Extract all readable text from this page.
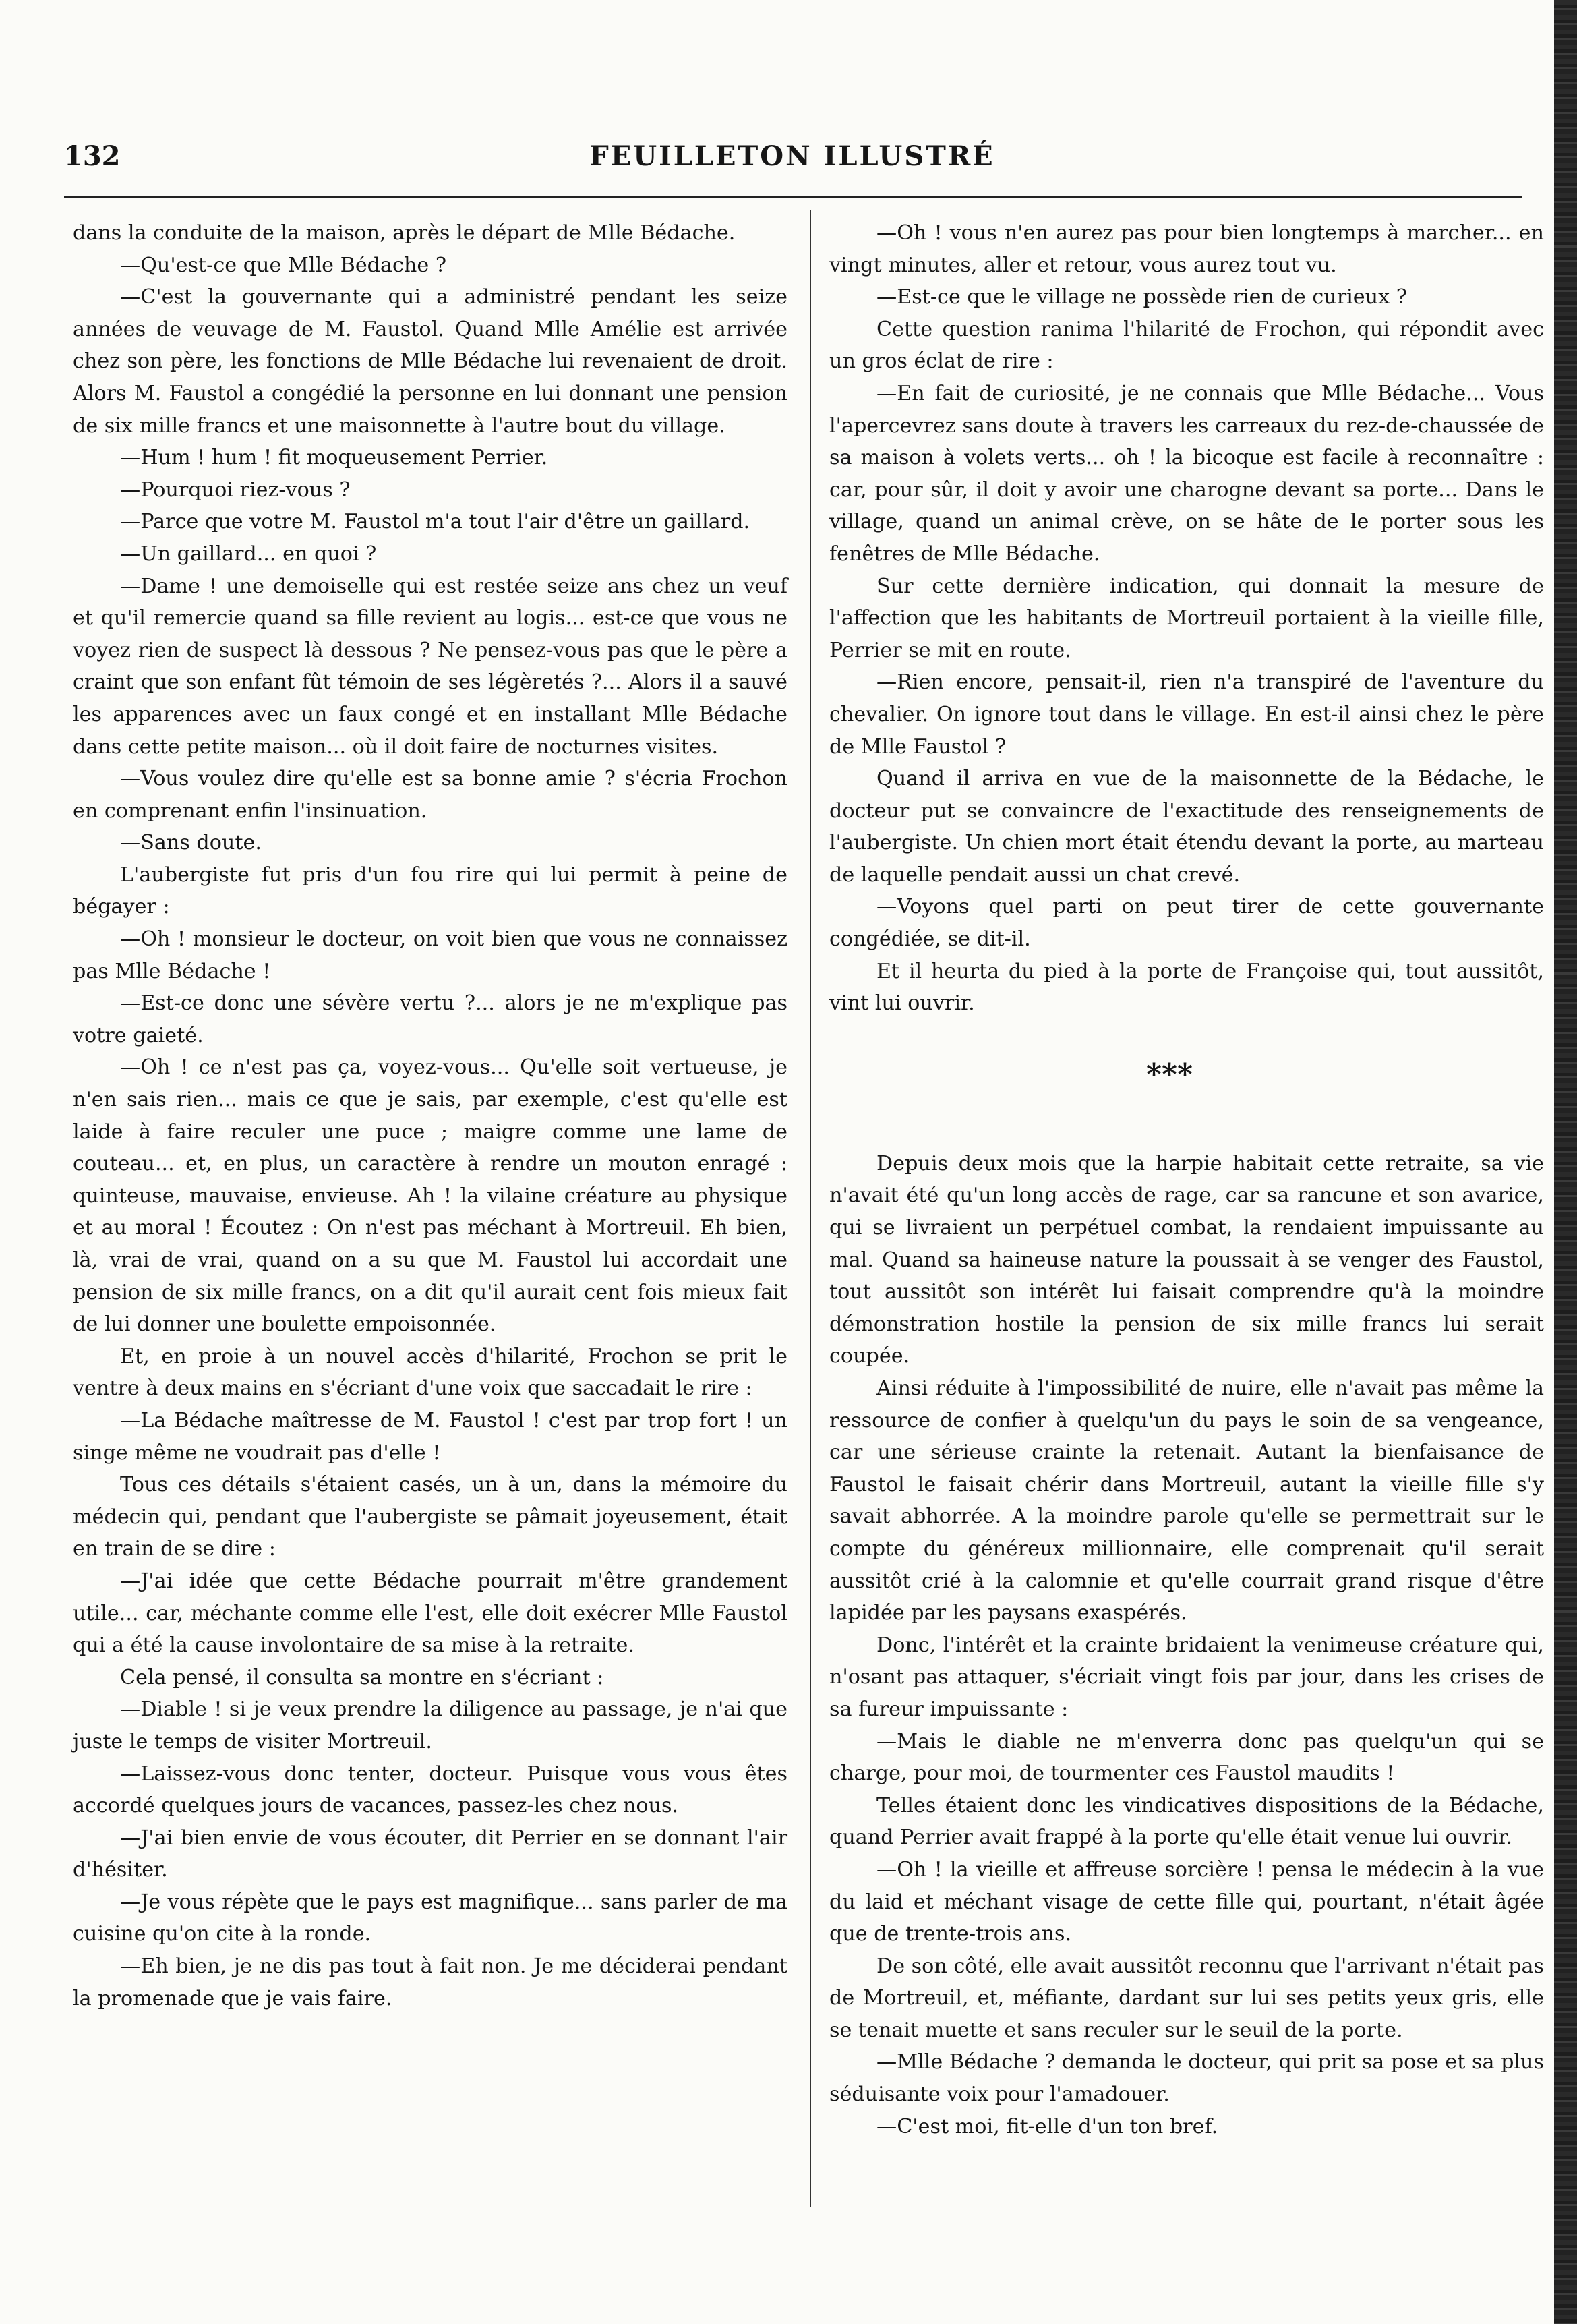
132	FEUILLETON ILLUSTRÉ

dans la conduite de la maison, après le départ de Mlle Bédache.

—Qu'est-ce que Mlle Bédache ?

—C'est la gouvernante qui a administré pendant les seize années de veuvage de M. Faustol. Quand Mlle Amélie est arrivée chez son père, les fonctions de Mlle Bédache lui revenaient de droit. Alors M. Faustol a congédié la personne en lui donnant une pension de six mille francs et une maisonnette à l'autre bout du village.

—Hum ! hum ! fit moqueusement Perrier.

—Pourquoi riez-vous ?

—Parce que votre M. Faustol m'a tout l'air d'être un gaillard.

—Un gaillard... en quoi ?

—Dame ! une demoiselle qui est restée seize ans chez un veuf et qu'il remercie quand sa fille revient au logis... est-ce que vous ne voyez rien de suspect là dessous ? Ne pensez-vous pas que le père a craint que son enfant fût témoin de ses légèretés ?... Alors il a sauvé les apparences avec un faux congé et en installant Mlle Bédache dans cette petite maison... où il doit faire de nocturnes visites.

—Vous voulez dire qu'elle est sa bonne amie ? s'écria Frochon en comprenant enfin l'insinuation.

—Sans doute.

L'aubergiste fut pris d'un fou rire qui lui permit à peine de bégayer :

—Oh ! monsieur le docteur, on voit bien que vous ne connaissez pas Mlle Bédache !

—Est-ce donc une sévère vertu ?... alors je ne m'explique pas votre gaieté.

—Oh ! ce n'est pas ça, voyez-vous... Qu'elle soit vertueuse, je n'en sais rien... mais ce que je sais, par exemple, c'est qu'elle est laide à faire reculer une puce ; maigre comme une lame de couteau... et, en plus, un caractère à rendre un mouton enragé : quinteuse, mauvaise, envieuse. Ah ! la vilaine créature au physique et au moral ! Écoutez : On n'est pas méchant à Mortreuil. Eh bien, là, vrai de vrai, quand on a su que M. Faustol lui accordait une pension de six mille francs, on a dit qu'il aurait cent fois mieux fait de lui donner une boulette empoisonnée.

Et, en proie à un nouvel accès d'hilarité, Frochon se prit le ventre à deux mains en s'écriant d'une voix que saccadait le rire :

—La Bédache maîtresse de M. Faustol ! c'est par trop fort ! un singe même ne voudrait pas d'elle !

Tous ces détails s'étaient casés, un à un, dans la mémoire du médecin qui, pendant que l'aubergiste se pâmait joyeusement, était en train de se dire :

—J'ai idée que cette Bédache pourrait m'être grandement utile... car, méchante comme elle l'est, elle doit exécrer Mlle Faustol qui a été la cause involontaire de sa mise à la retraite.

Cela pensé, il consulta sa montre en s'écriant :

—Diable ! si je veux prendre la diligence au passage, je n'ai que juste le temps de visiter Mortreuil.

—Laissez-vous donc tenter, docteur. Puisque vous vous êtes accordé quelques jours de vacances, passez-les chez nous.

—J'ai bien envie de vous écouter, dit Perrier en se donnant l'air d'hésiter.

—Je vous répète que le pays est magnifique... sans parler de ma cuisine qu'on cite à la ronde.

—Eh bien, je ne dis pas tout à fait non. Je me déciderai pendant la promenade que je vais faire.

—Oh ! vous n'en aurez pas pour bien longtemps à marcher... en vingt minutes, aller et retour, vous aurez tout vu.

—Est-ce que le village ne possède rien de curieux ?

Cette question ranima l'hilarité de Frochon, qui répondit avec un gros éclat de rire :

—En fait de curiosité, je ne connais que Mlle Bédache... Vous l'apercevrez sans doute à travers les carreaux du rez-de-chaussée de sa maison à volets verts... oh ! la bicoque est facile à reconnaître : car, pour sûr, il doit y avoir une charogne devant sa porte... Dans le village, quand un animal crève, on se hâte de le porter sous les fenêtres de Mlle Bédache.

Sur cette dernière indication, qui donnait la mesure de l'affection que les habitants de Mortreuil portaient à la vieille fille, Perrier se mit en route.

—Rien encore, pensait-il, rien n'a transpiré de l'aventure du chevalier. On ignore tout dans le village. En est-il ainsi chez le père de Mlle Faustol ?

Quand il arriva en vue de la maisonnette de la Bédache, le docteur put se convaincre de l'exactitude des renseignements de l'aubergiste. Un chien mort était étendu devant la porte, au marteau de laquelle pendait aussi un chat crevé.

—Voyons quel parti on peut tirer de cette gouvernante congédiée, se dit-il.

Et il heurta du pied à la porte de Françoise qui, tout aussitôt, vint lui ouvrir.

***

Depuis deux mois que la harpie habitait cette retraite, sa vie n'avait été qu'un long accès de rage, car sa rancune et son avarice, qui se livraient un perpétuel combat, la rendaient impuissante au mal. Quand sa haineuse nature la poussait à se venger des Faustol, tout aussitôt son intérêt lui faisait comprendre qu'à la moindre démonstration hostile la pension de six mille francs lui serait coupée.

Ainsi réduite à l'impossibilité de nuire, elle n'avait pas même la ressource de confier à quelqu'un du pays le soin de sa vengeance, car une sérieuse crainte la retenait. Autant la bienfaisance de Faustol le faisait chérir dans Mortreuil, autant la vieille fille s'y savait abhorrée. A la moindre parole qu'elle se permettrait sur le compte du généreux millionnaire, elle comprenait qu'il serait aussitôt crié à la calomnie et qu'elle courrait grand risque d'être lapidée par les paysans exaspérés.

Donc, l'intérêt et la crainte bridaient la venimeuse créature qui, n'osant pas attaquer, s'écriait vingt fois par jour, dans les crises de sa fureur impuissante :

—Mais le diable ne m'enverra donc pas quelqu'un qui se charge, pour moi, de tourmenter ces Faustol maudits !

Telles étaient donc les vindicatives dispositions de la Bédache, quand Perrier avait frappé à la porte qu'elle était venue lui ouvrir.

—Oh ! la vieille et affreuse sorcière ! pensa le médecin à la vue du laid et méchant visage de cette fille qui, pourtant, n'était âgée que de trente-trois ans.

De son côté, elle avait aussitôt reconnu que l'arrivant n'était pas de Mortreuil, et, méfiante, dardant sur lui ses petits yeux gris, elle se tenait muette et sans reculer sur le seuil de la porte.

—Mlle Bédache ? demanda le docteur, qui prit sa pose et sa plus séduisante voix pour l'amadouer.

—C'est moi, fit-elle d'un ton bref.
